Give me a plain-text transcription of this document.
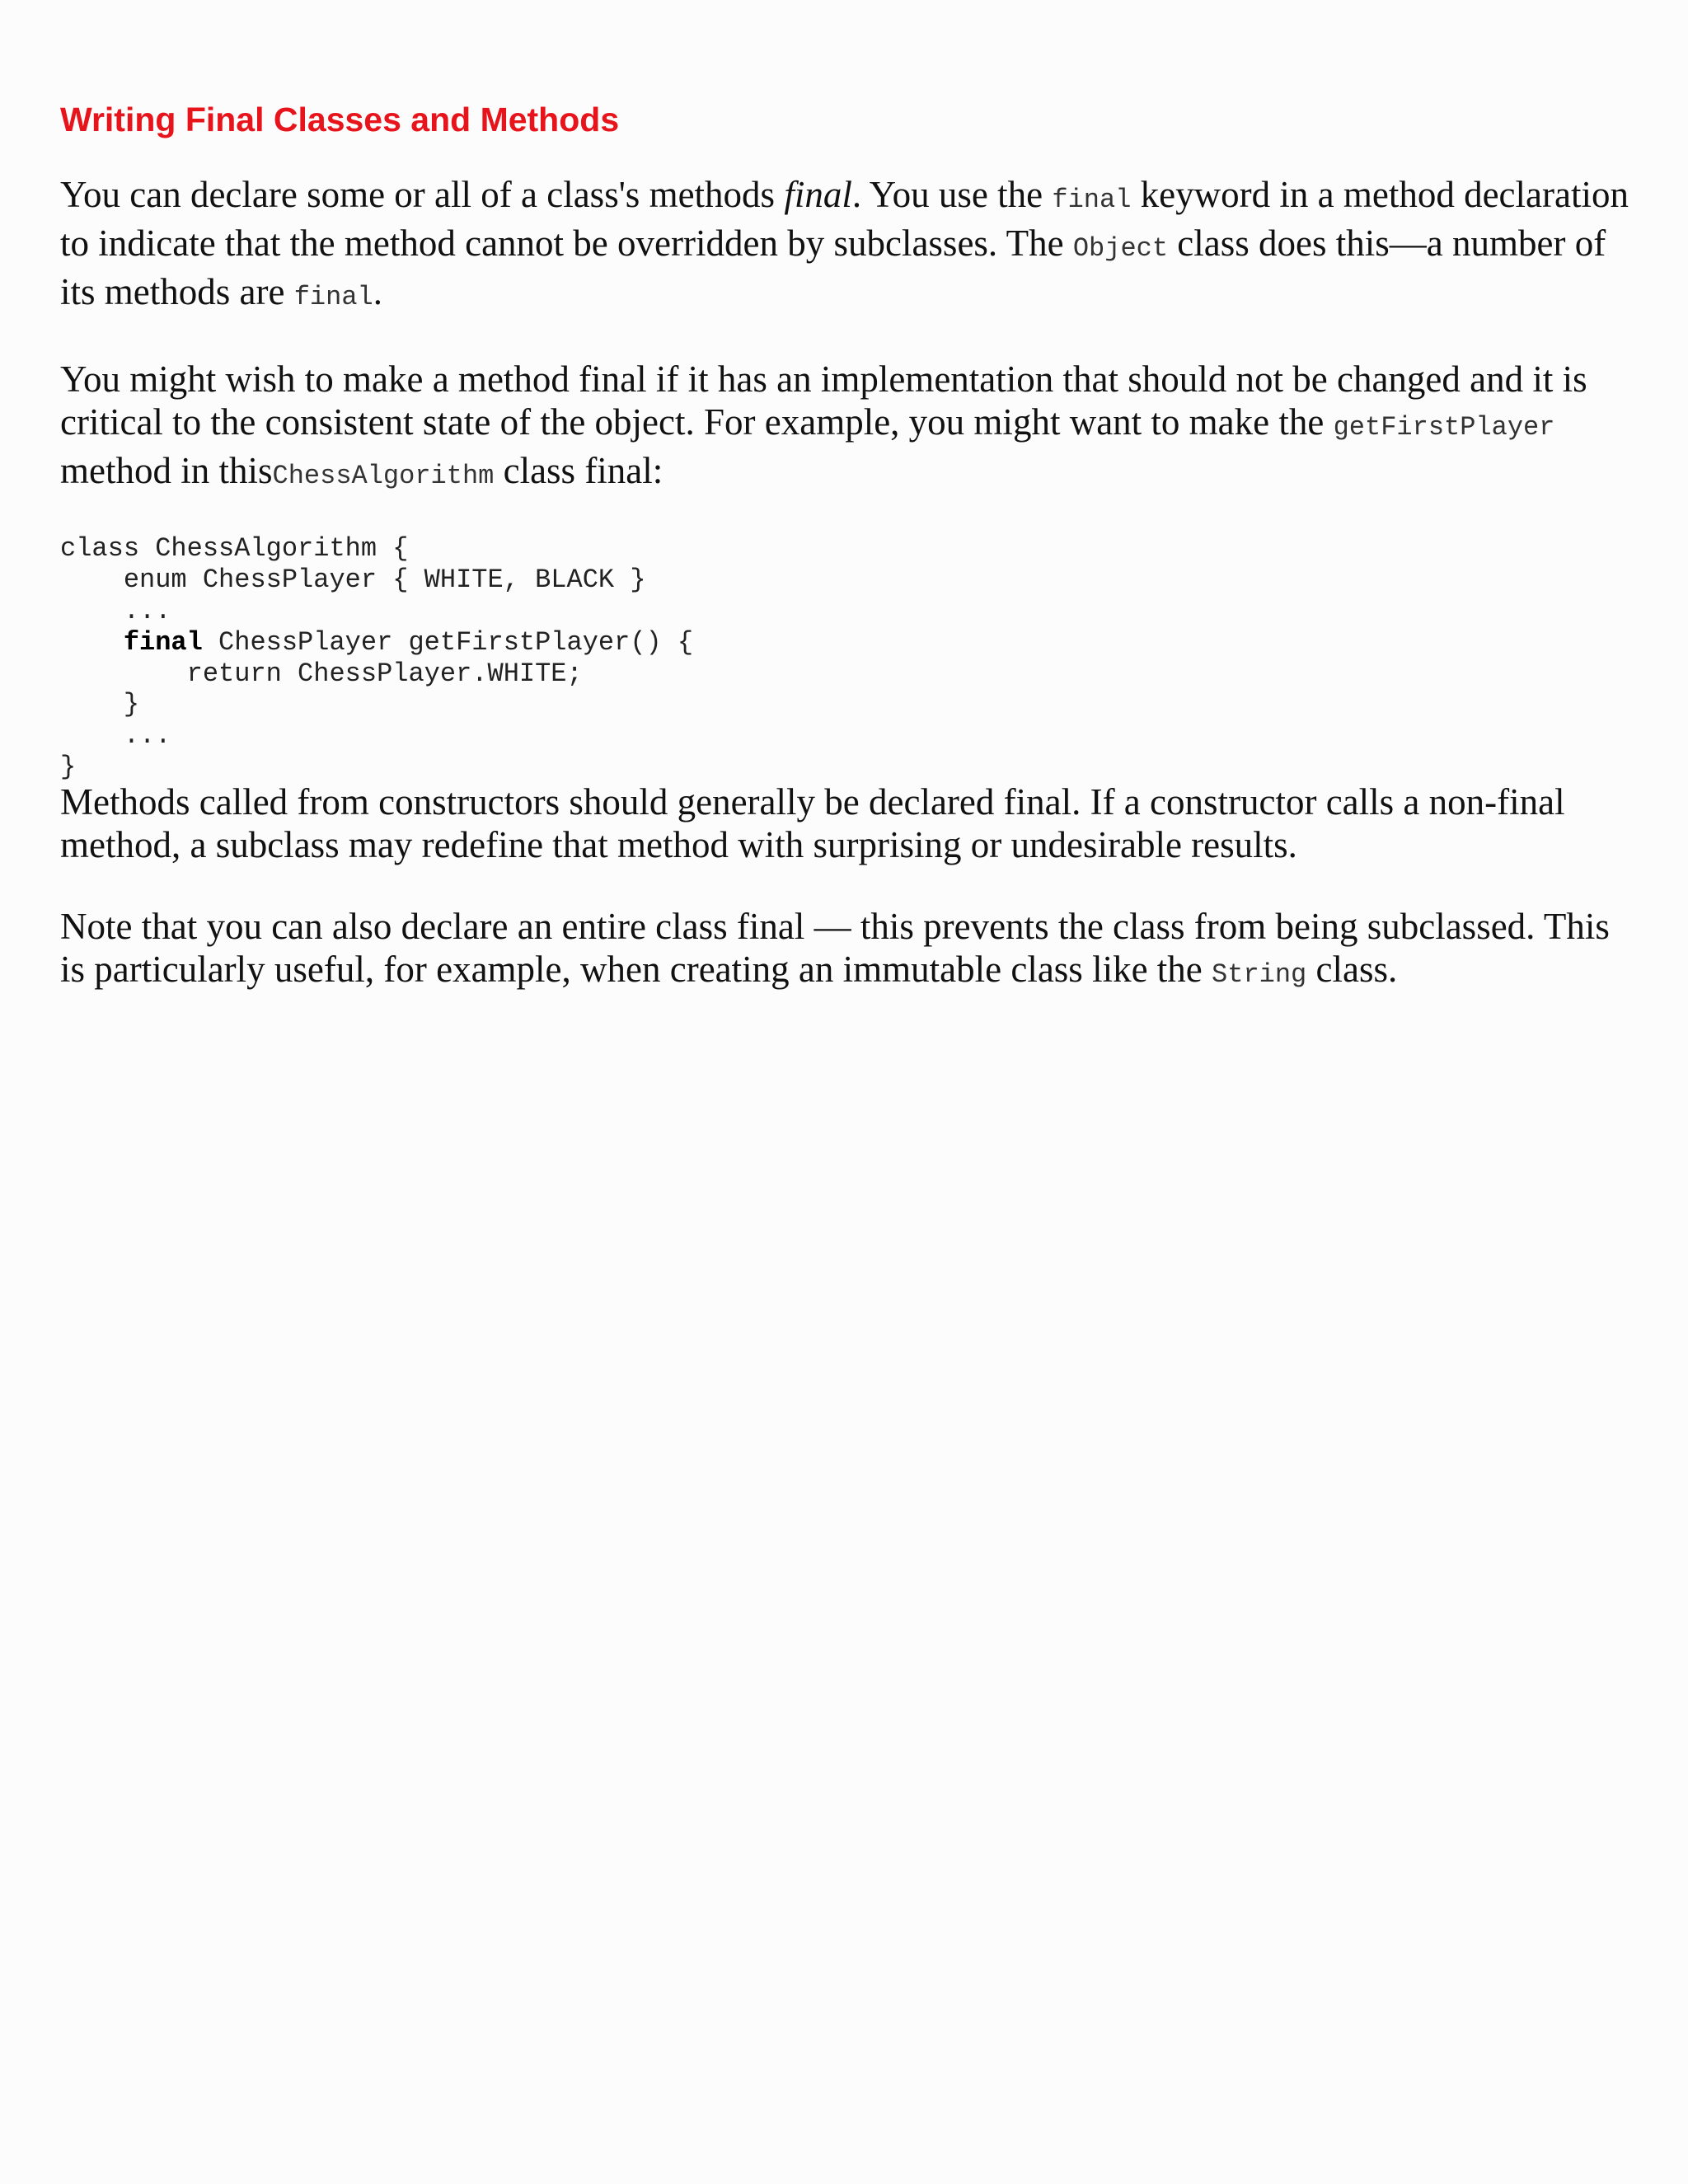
Writing Final Classes and Methods

You can declare some or all of a class's methods final. You use the final keyword in a method declaration to indicate that the method cannot be overridden by subclasses. The Object class does this—a number of its methods are final.

You might wish to make a method final if it has an implementation that should not be changed and it is critical to the consistent state of the object. For example, you might want to make the getFirstPlayer method in thisChessAlgorithm class final:

class ChessAlgorithm {
enum ChessPlayer { WHITE, BLACK }
...
final ChessPlayer getFirstPlayer() {
return ChessPlayer.WHITE;
}
...
}

Methods called from constructors should generally be declared final. If a constructor calls a non-final method, a subclass may redefine that method with surprising or undesirable results.

Note that you can also declare an entire class final — this prevents the class from being subclassed. This is particularly useful, for example, when creating an immutable class like the String class.
